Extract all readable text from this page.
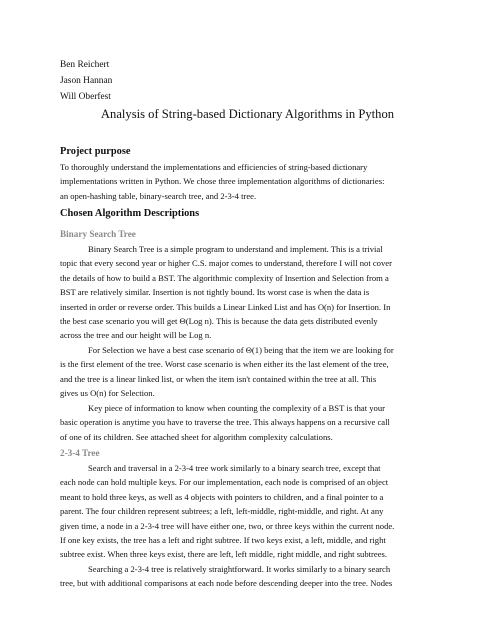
Ben Reichert
Jason Hannan
Will Oberfest
Analysis of String-based Dictionary Algorithms in Python
Project purpose
To thoroughly understand the implementations and efficiencies of string-based dictionary
implementations written in Python. We chose three implementation algorithms of dictionaries:
an open-hashing table, binary-search tree, and 2-3-4 tree.
Chosen Algorithm Descriptions
Binary Search Tree
Binary Search Tree is a simple program to understand and implement. This is a trivial
topic that every second year or higher C.S. major comes to understand, therefore I will not cover
the details of how to build a BST. The algorithmic complexity of Insertion and Selection from a
BST are relatively similar. Insertion is not tightly bound. Its worst case is when the data is
inserted in order or reverse order. This builds a Linear Linked List and has O(n) for Insertion. In
the best case scenario you will get Θ(Log n). This is because the data gets distributed evenly
across the tree and our height will be Log n.
For Selection we have a best case scenario of Θ(1) being that the item we are looking for
is the first element of the tree. Worst case scenario is when either its the last element of the tree,
and the tree is a linear linked list, or when the item isn't contained within the tree at all. This
gives us O(n) for Selection.
Key piece of information to know when counting the complexity of a BST is that your
basic operation is anytime you have to traverse the tree. This always happens on a recursive call
of one of its children. See attached sheet for algorithm complexity calculations.
2-3-4 Tree
Search and traversal in a 2-3-4 tree work similarly to a binary search tree, except that
each node can hold multiple keys. For our implementation, each node is comprised of an object
meant to hold three keys, as well as 4 objects with pointers to children, and a final pointer to a
parent. The four children represent subtrees; a left, left-middle, right-middle, and right. At any
given time, a node in a 2-3-4 tree will have either one, two, or three keys within the current node.
If one key exists, the tree has a left and right subtree. If two keys exist, a left, middle, and right
subtree exist. When three keys exist, there are left, left middle, right middle, and right subtrees.
Searching a 2-3-4 tree is relatively straightforward. It works similarly to a binary search
tree, but with additional comparisons at each node before descending deeper into the tree. Nodes
